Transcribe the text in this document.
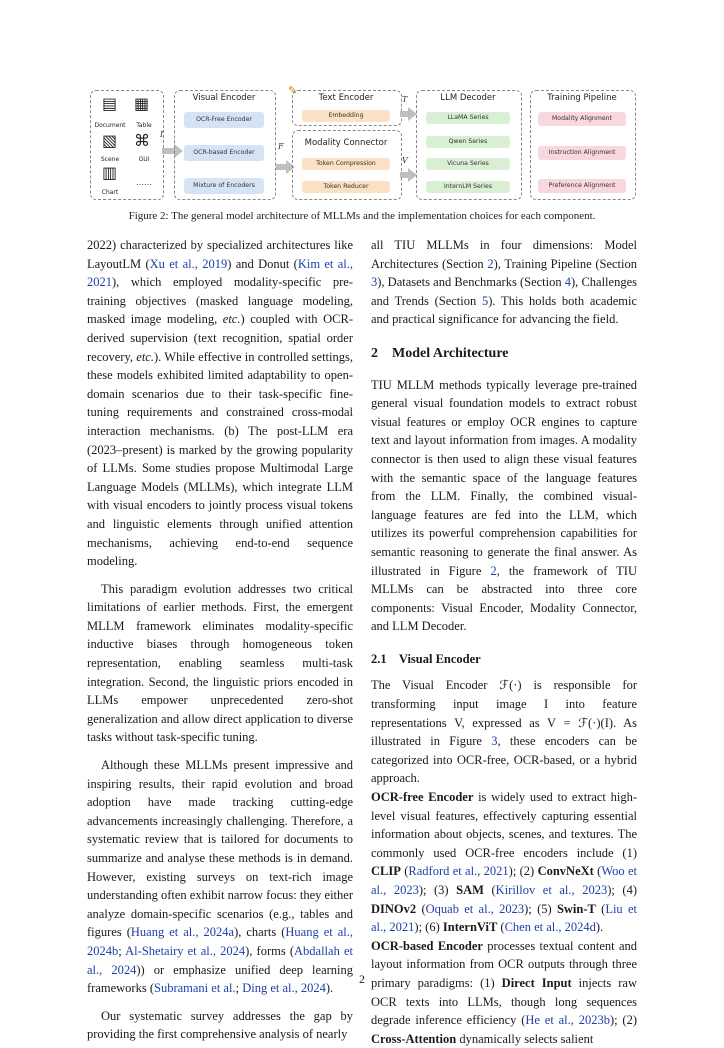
▤
Document
▦
Table
▧
Scene
⌘
GUI
▥
Chart
……
I
Visual Encoder
OCR-Free Encoder
OCR-based Encoder
Mixture of Encoders
F
Text Encoder
Embedding
✎
Modality Connector
Token Compression
Token Reducer
T
V
LLM Decoder
LLaMA Series
Qwen Series
Vicuna Series
InternLM Series
Training Pipeline
Modality Alignment
Instruction Alignment
Preference Alignment
Figure 2: The general model architecture of MLLMs and the implementation choices for each component.

2022) characterized by specialized architectures like LayoutLM (Xu et al., 2019) and Donut (Kim et al., 2021), which employed modality-specific pre-training objectives (masked language modeling, masked image modeling, etc.) coupled with OCR-derived supervision (text recognition, spatial order recovery, etc.). While effective in controlled settings, these models exhibited limited adaptability to open-domain scenarios due to their task-specific fine-tuning requirements and constrained cross-modal interaction mechanisms. (b) The post-LLM era (2023–present) is marked by the growing popularity of LLMs. Some studies propose Multimodal Large Language Models (MLLMs), which integrate LLM with visual encoders to jointly process visual tokens and linguistic elements through unified attention mechanisms, achieving end-to-end sequence modeling.

This paradigm evolution addresses two critical limitations of earlier methods. First, the emergent MLLM framework eliminates modality-specific inductive biases through homogeneous token representation, enabling seamless multi-task integration. Second, the linguistic priors encoded in LLMs empower unprecedented zero-shot generalization and allow direct application to diverse tasks without task-specific tuning.

Although these MLLMs present impressive and inspiring results, their rapid evolution and broad adoption have made tracking cutting-edge advancements increasingly challenging. Therefore, a systematic review that is tailored for documents to summarize and analyse these methods is in demand. However, existing surveys on text-rich image understanding often exhibit narrow focus: they either analyze domain-specific scenarios (e.g., tables and figures (Huang et al., 2024a), charts (Huang et al., 2024b; Al-Shetairy et al., 2024), forms (Abdallah et al., 2024)) or emphasize unified deep learning frameworks (Subramani et al.; Ding et al., 2024).

Our systematic survey addresses the gap by providing the first comprehensive analysis of nearly

all TIU MLLMs in four dimensions: Model Architectures (Section 2), Training Pipeline (Section 3), Datasets and Benchmarks (Section 4), Challenges and Trends (Section 5). This holds both academic and practical significance for advancing the field.

2    Model Architecture

TIU MLLM methods typically leverage pre-trained general visual foundation models to extract robust visual features or employ OCR engines to capture text and layout information from images. A modality connector is then used to align these visual features with the semantic space of the language features from the LLM. Finally, the combined visual-language features are fed into the LLM, which utilizes its powerful comprehension capabilities for semantic reasoning to generate the final answer. As illustrated in Figure 2, the framework of TIU MLLMs can be abstracted into three core components: Visual Encoder, Modality Connector, and LLM Decoder.

2.1    Visual Encoder

The Visual Encoder ℱ(·) is responsible for transforming input image I into feature representations V, expressed as V = ℱ(·)(I). As illustrated in Figure 3, these encoders can be categorized into OCR-free, OCR-based, or a hybrid approach.

OCR-free Encoder is widely used to extract high-level visual features, effectively capturing essential information about objects, scenes, and textures. The commonly used OCR-free encoders include (1) CLIP (Radford et al., 2021); (2) ConvNeXt (Woo et al., 2023); (3) SAM (Kirillov et al., 2023); (4) DINOv2 (Oquab et al., 2023); (5) Swin-T (Liu et al., 2021); (6) InternViT (Chen et al., 2024d).

OCR-based Encoder processes textual content and layout information from OCR outputs through three primary paradigms: (1) Direct Input injects raw OCR texts into LLMs, though long sequences degrade inference efficiency (He et al., 2023b); (2) Cross-Attention dynamically selects salient

2
